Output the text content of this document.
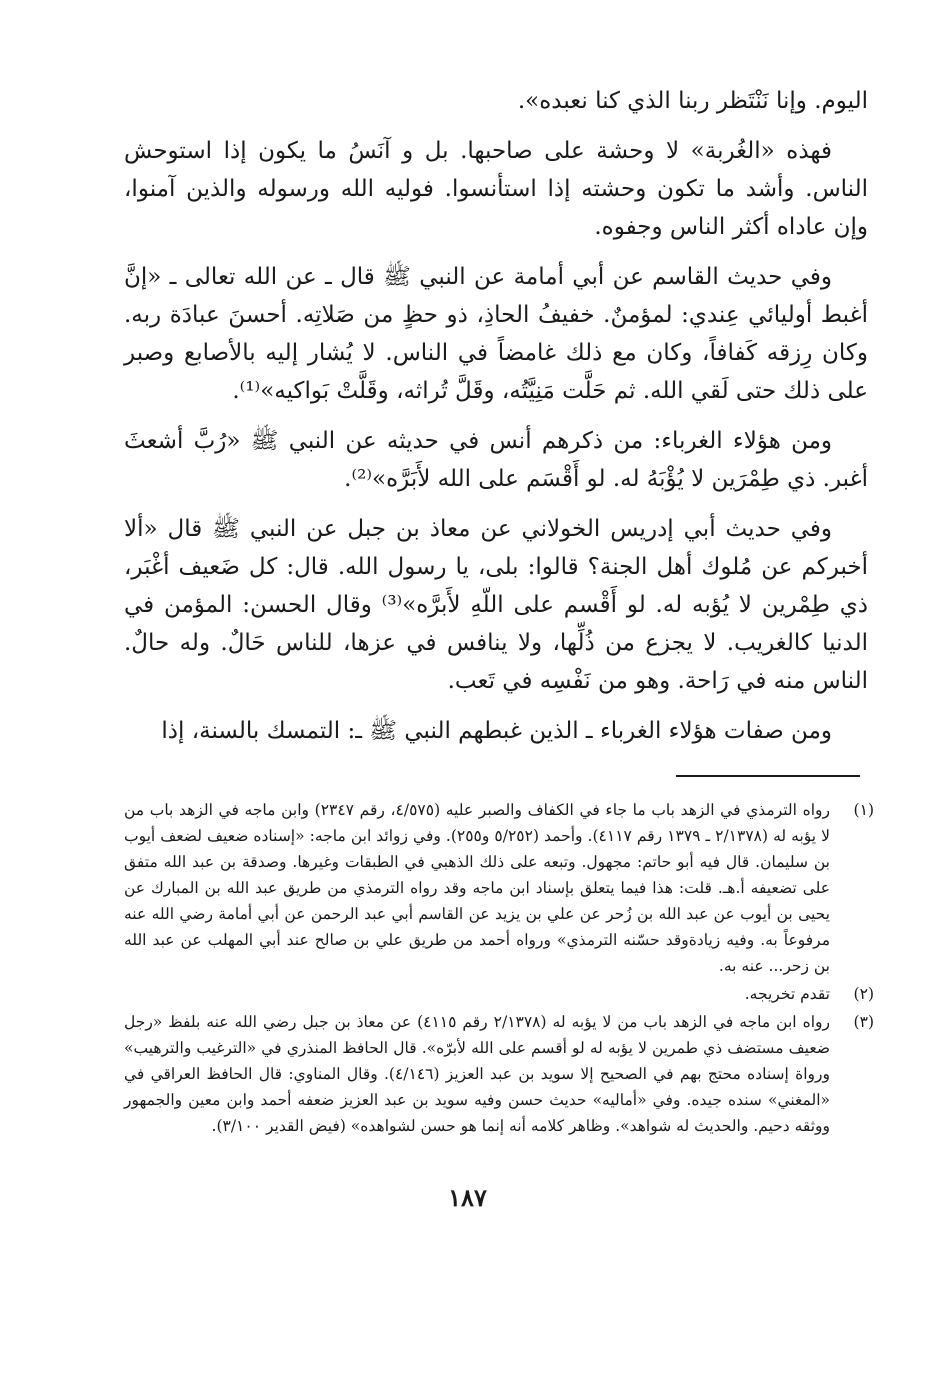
اليوم. وإنا نَنْتَظر ربنا الذي كنا نعبده».

فهذه «الغُربة» لا وحشة على صاحبها. بل و آنَسُ ما يكون إذا استوحش الناس. وأشد ما تكون وحشته إذا استأنسوا. فوليه الله ورسوله والذين آمنوا، وإن عاداه أكثر الناس وجفوه.

وفي حديث القاسم عن أبي أمامة عن النبي ﷺ قال ـ عن الله تعالى ـ «إنَّ أغبط أوليائي عِندي: لمؤمنٌ. خفيفُ الحاذِ، ذو حظٍ من صَلاتِه. أحسنَ عبادَة ربه. وكان رِزقه كَفافاً، وكان مع ذلك غامضاً في الناس. لا يُشار إليه بالأصابع وصبر على ذلك حتى لَقي الله. ثم حَلَّت مَنِيَّتُه، وقَلَّ تُراثه، وقَلَّتْ بَواكيه»⁽¹⁾.

ومن هؤلاء الغرباء: من ذكرهم أنس في حديثه عن النبي ﷺ «رُبَّ أشعثَ أغبر. ذي طِمْرَين لا يُؤْبَهُ له. لو أَقْسَم على الله لأَبَرَّه»⁽²⁾.

وفي حديث أبي إدريس الخولاني عن معاذ بن جبل عن النبي ﷺ قال «ألا أخبركم عن مُلوك أهل الجنة؟ قالوا: بلى، يا رسول الله. قال: كل ضَعيف أغْبَر، ذي طِمْرين لا يُؤبه له. لو أَقْسم على اللّهِ لأَبرَّه»⁽³⁾ وقال الحسن: المؤمن في الدنيا كالغريب. لا يجزع من ذُلِّها، ولا ينافس في عزها، للناس حَالٌ. وله حالٌ. الناس منه في رَاحة. وهو من نَفْسِه في تَعب.

ومن صفات هؤلاء الغرباء ـ الذين غبطهم النبي ﷺ ـ: التمسك بالسنة، إذا

(١)
رواه الترمذي في الزهد باب ما جاء في الكفاف والصبر عليه (٤/٥٧٥، رقم ٢٣٤٧) وابن ماجه في الزهد باب من لا يؤبه له (٢/١٣٧٨ ـ ١٣٧٩ رقم ٤١١٧). وأحمد (٥/٢٥٢ و٢٥٥). وفي زوائد ابن ماجه: «إسناده ضعيف لضعف أيوب بن سليمان. قال فيه أبو حاتم: مجهول. وتبعه على ذلك الذهبي في الطبقات وغيرها. وصدقة بن عبد الله متفق على تضعيفه أ.هـ. قلت: هذا فيما يتعلق بإسناد ابن ماجه وقد رواه الترمذي من طريق عبد الله بن المبارك عن يحيى بن أيوب عن عبد الله بن زُحر عن علي بن يزيد عن القاسم أبي عبد الرحمن عن أبي أمامة رضي الله عنه مرفوعاً به. وفيه زيادةوقد حسّنه الترمذي» ورواه أحمد من طريق علي بن صالح عند أبي المهلب عن عبد الله بن زحر... عنه به.
(٢)
تقدم تخريجه.
(٣)
رواه ابن ماجه في الزهد باب من لا يؤبه له (٢/١٣٧٨ رقم ٤١١٥) عن معاذ بن جبل رضي الله عنه بلفظ «رجل ضعيف مستضف ذي طمرين لا يؤبه له لو أقسم على الله لأبرّه». قال الحافظ المنذري في «الترغيب والترهيب» ورواة إسناده محتج بهم في الصحيح إلا سويد بن عبد العزيز (٤/١٤٦). وقال المناوي: قال الحافظ العراقي في «المغني» سنده جيده. وفي «أماليه» حديث حسن وفيه سويد بن عبد العزيز ضعفه أحمد وابن معين والجمهور ووثقه دحيم. والحديث له شواهد». وظاهر كلامه أنه إنما هو حسن لشواهده» (فيض القدير ٣/١٠٠).
١٨٧
